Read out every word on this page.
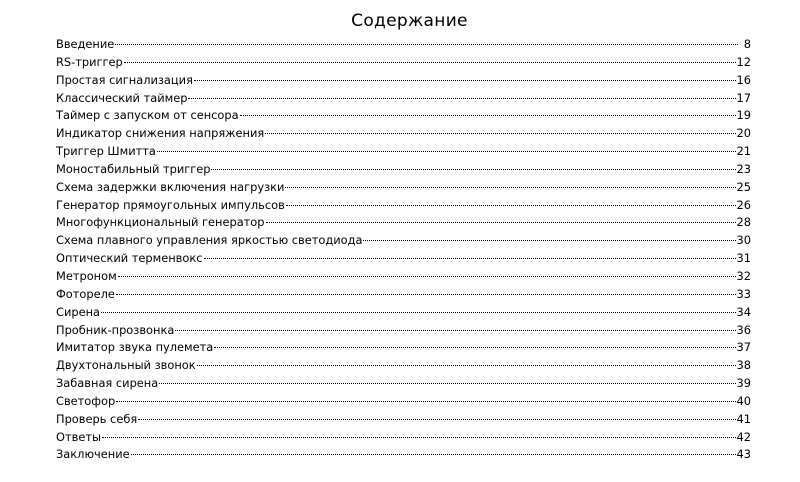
Содержание
Введение	8
RS-триггер	12
Простая сигнализация	16
Классический таймер	17
Таймер с запуском от сенсора	19
Индикатор снижения напряжения	20
Триггер Шмитта	21
Моностабильный триггер	23
Схема задержки включения нагрузки	25
Генератор прямоугольных импульсов	26
Многофункциональный генератор	28
Схема плавного управления яркостью светодиода	30
Оптический терменвокс	31
Метроном	32
Фотореле	33
Сирена	34
Пробник-прозвонка	36
Имитатор звука пулемета	37
Двухтональный звонок	38
Забавная сирена	39
Светофор	40
Проверь себя	41
Ответы	42
Заключение	43
